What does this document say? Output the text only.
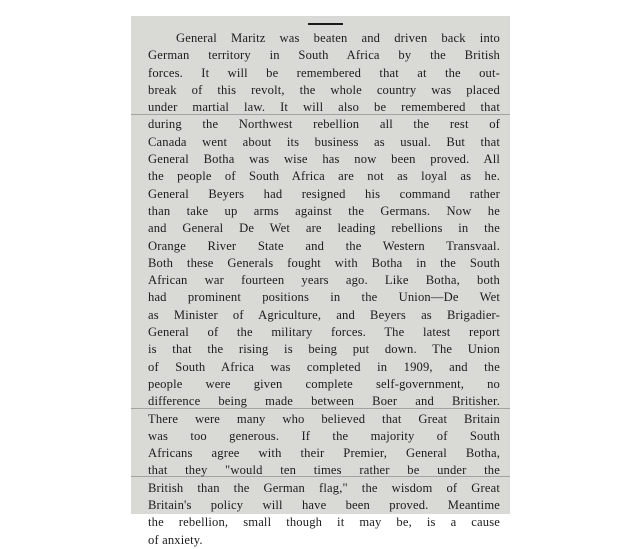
General Maritz was beaten and driven back into
German territory in South Africa by the British
forces. It will be remembered that at the out-
break of this revolt, the whole country was placed
under martial law. It will also be remembered that
during the Northwest rebellion all the rest of
Canada went about its business as usual. But that
General Botha was wise has now been proved. All
the people of South Africa are not as loyal as he.
General Beyers had resigned his command rather
than take up arms against the Germans. Now he
and General De Wet are leading rebellions in the
Orange River State and the Western Transvaal.
Both these Generals fought with Botha in the South
African war fourteen years ago. Like Botha, both
had prominent positions in the Union—De Wet
as Minister of Agriculture, and Beyers as Brigadier-
General of the military forces. The latest report
is that the rising is being put down. The Union
of South Africa was completed in 1909, and the
people were given complete self-government, no
difference being made between Boer and Britisher.
There were many who believed that Great Britain
was too generous. If the majority of South
Africans agree with their Premier, General Botha,
that they "would ten times rather be under the
British than the German flag," the wisdom of Great
Britain's policy will have been proved. Meantime
the rebellion, small though it may be, is a cause
of anxiety.
